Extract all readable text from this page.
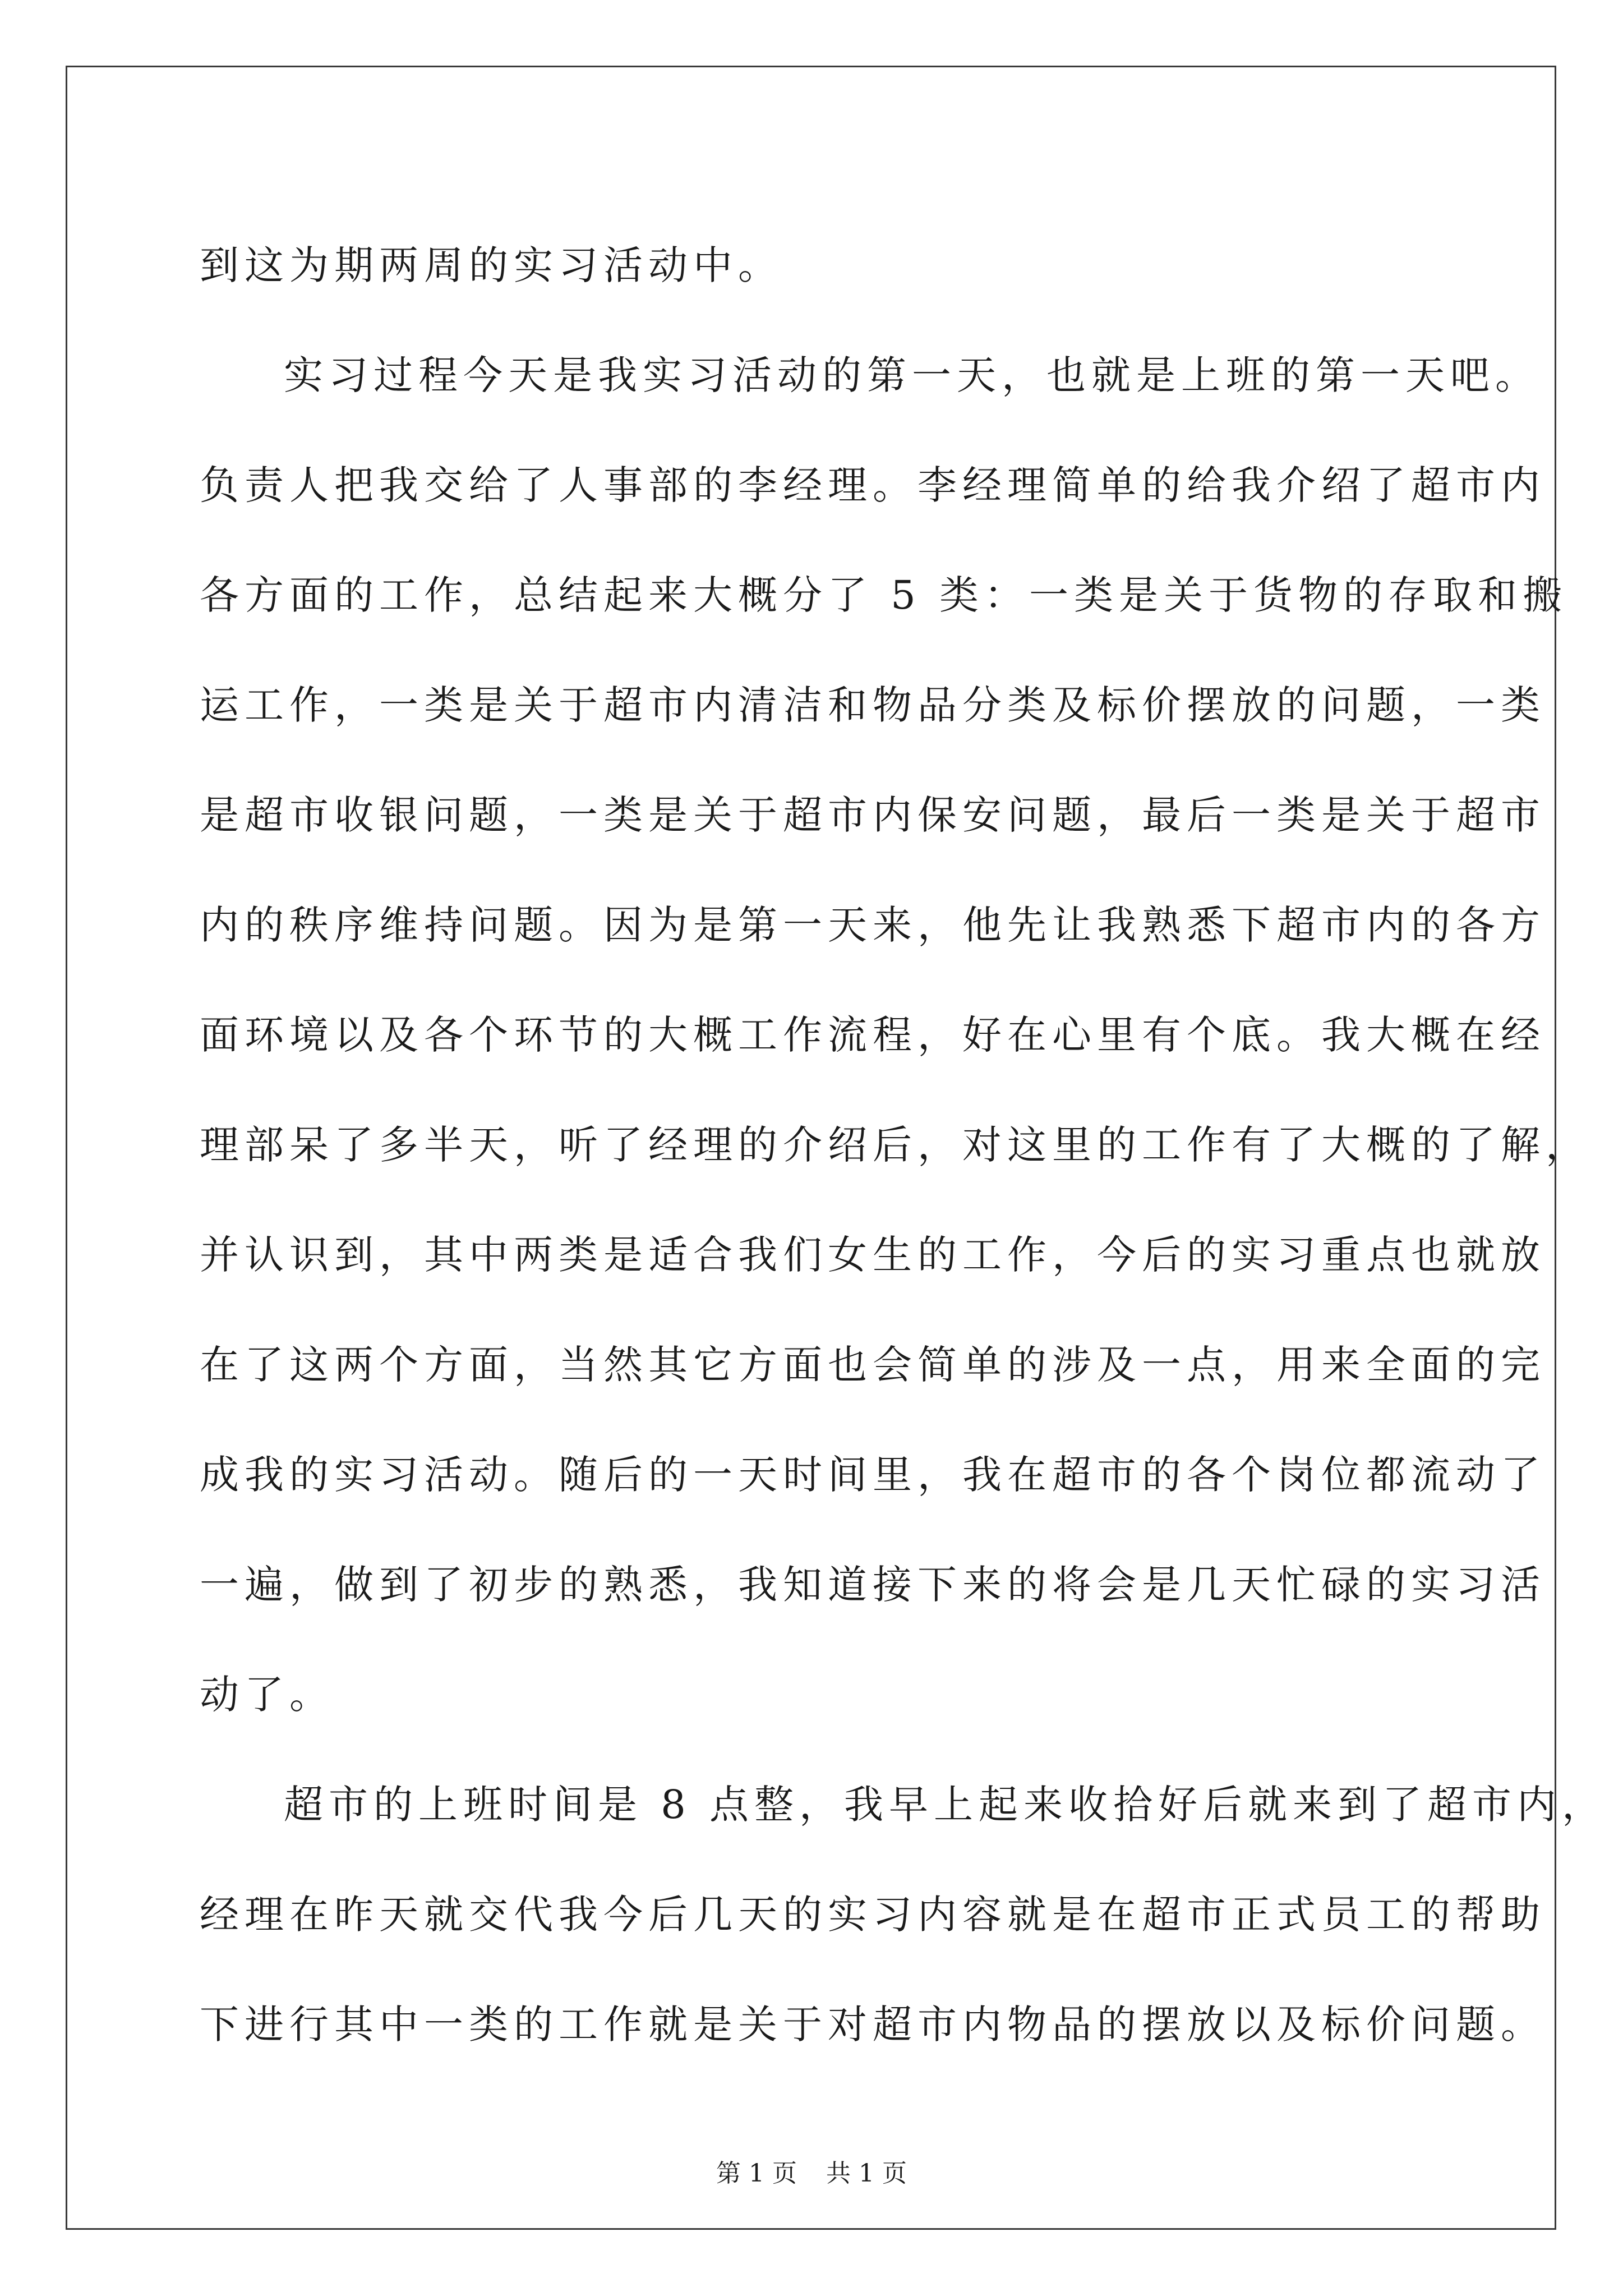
到这为期两周的实习活动中。
实习过程今天是我实习活动的第一天，也就是上班的第一天吧。
负责人把我交给了人事部的李经理。李经理简单的给我介绍了超市内
各方面的工作，总结起来大概分了 5 类：一类是关于货物的存取和搬
运工作，一类是关于超市内清洁和物品分类及标价摆放的问题，一类
是超市收银问题，一类是关于超市内保安问题，最后一类是关于超市
内的秩序维持问题。因为是第一天来，他先让我熟悉下超市内的各方
面环境以及各个环节的大概工作流程，好在心里有个底。我大概在经
理部呆了多半天，听了经理的介绍后，对这里的工作有了大概的了解，
并认识到，其中两类是适合我们女生的工作，今后的实习重点也就放
在了这两个方面，当然其它方面也会简单的涉及一点，用来全面的完
成我的实习活动。随后的一天时间里，我在超市的各个岗位都流动了
一遍，做到了初步的熟悉，我知道接下来的将会是几天忙碌的实习活
动了。
超市的上班时间是 8 点整，我早上起来收拾好后就来到了超市内，
经理在昨天就交代我今后几天的实习内容就是在超市正式员工的帮助
下进行其中一类的工作就是关于对超市内物品的摆放以及标价问题。
第 1 页 共 1 页
